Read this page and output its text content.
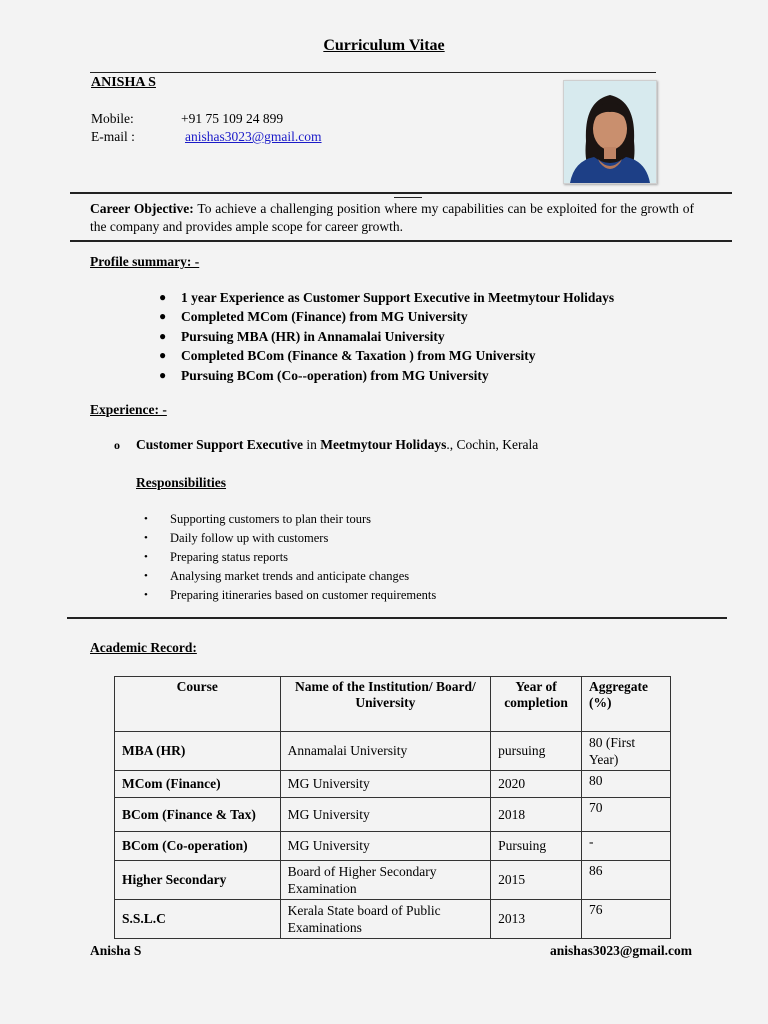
Curriculum Vitae
ANISHA S
Mobile:	+91 75 109 24 899
E-mail :	anishas3023@gmail.com
Career Objective: To achieve a challenging position where my capabilities can be exploited for the growth of the company and provides ample scope for career growth.
Profile summary: -
● 1 year Experience as Customer Support Executive in Meetmytour Holidays
● Completed MCom (Finance) from MG University
● Pursuing MBA (HR) in Annamalai University
● Completed BCom (Finance & Taxation ) from MG University
● Pursuing BCom (Co--operation) from MG University
Experience: -
o Customer Support Executive in Meetmytour Holidays., Cochin, Kerala
Responsibilities
• Supporting customers to plan their tours
• Daily follow up with customers
• Preparing status reports
• Analysing market trends and anticipate changes
• Preparing itineraries based on customer requirements
Academic Record:
Course	Name of the Institution/ Board/ University	Year of completion	Aggregate (%)
MBA (HR)	Annamalai University	pursuing	80 (First Year)
MCom (Finance)	MG University	2020	80
BCom (Finance & Tax)	MG University	2018	70
BCom (Co-operation)	MG University	Pursuing	-
Higher Secondary	Board of Higher Secondary Examination	2015	86
S.S.L.C	Kerala State board of Public Examinations	2013	76
Anisha S	anishas3023@gmail.com
